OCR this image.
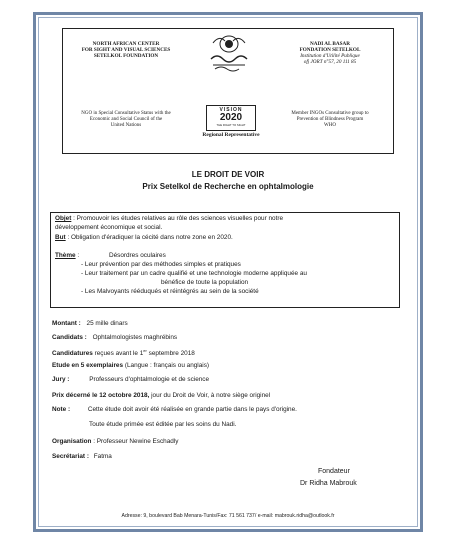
NORTH AFRICAN CENTER
FOR SIGHT AND VISUAL SCIENCES
SETELKOL FOUNDATION
NADI AL BASAR
FONDATION SETELKOL
Institution d'Utilité Publique
ofj JORT n°57, 20 111 85
NGO in Special Consultative Status with the
Economic and Social Council of the
United Nations
VISION
2020
THE RIGHT TO SIGHT
Regional Representative
Member INGOs Consultative group to
Prevention of Blindness Program
WHO
LE DROIT DE VOIR
Prix Setelkol de Recherche en ophtalmologie
Objet : Promouvoir les études relatives au rôle des sciences visuelles pour notre
développement économique et social.
But : Obligation d'éradiquer la cécité dans notre zone en 2020.
Thème :	Désordres oculaires
- Leur prévention par des méthodes simples et pratiques
- Leur traitement par un cadre qualifié et une technologie moderne appliquée au
bénéfice de toute la population
- Les Malvoyants rééduqués et réintégrés au sein de la société
Montant : 25 mille dinars
Candidats : Ophtalmologistes maghrébins
Candidatures reçues avant le 1er septembre 2018
Etude en 5 exemplaires (Langue : français ou anglais)
Jury :	Professeurs d'ophtalmologie et de science
Prix décerné le 12 octobre 2018, jour du Droit de Voir, à notre siège originel
Note :	Cette étude doit avoir été réalisée en grande partie dans le pays d'origine.
Toute étude primée est éditée par les soins du Nadi.
Organisation : Professeur Newine Eschadly
Secrétariat : Fatma
Fondateur
Dr Ridha Mabrouk
Adresse: 9, boulevard Bab Menara-Tunis/Fax: 71 561 737/ e-mail: mabrouk.ridha@outlook.fr
